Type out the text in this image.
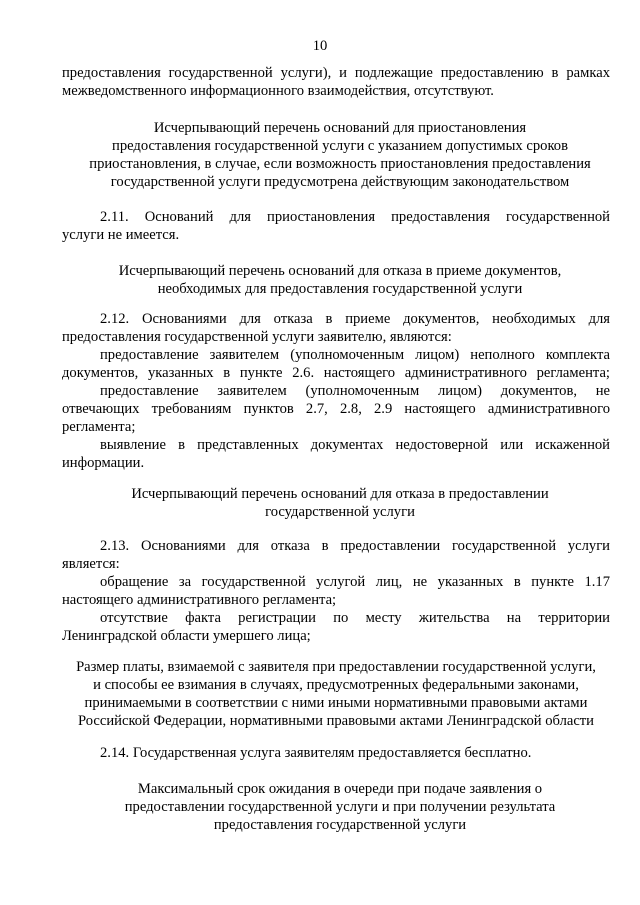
10

предоставления государственной услуги), и подлежащие предоставлению в рамках

межведомственного информационного взаимодействия, отсутствуют.

Исчерпывающий перечень оснований для приостановления

предоставления государственной услуги с указанием допустимых сроков

приостановления, в случае, если возможность приостановления предоставления

государственной услуги предусмотрена действующим законодательством

2.11. Оснований для приостановления предоставления государственной

услуги не имеется.

Исчерпывающий перечень оснований для отказа в приеме документов,

необходимых для предоставления государственной услуги

2.12. Основаниями для отказа в приеме документов, необходимых для

предоставления государственной услуги заявителю, являются:

предоставление заявителем (уполномоченным лицом) неполного комплекта

документов, указанных в пункте 2.6. настоящего административного регламента;

предоставление заявителем (уполномоченным лицом) документов, не

отвечающих требованиям пунктов 2.7, 2.8, 2.9 настоящего административного

регламента;

выявление в представленных документах недостоверной или искаженной

информации.

Исчерпывающий перечень оснований для отказа в предоставлении

государственной услуги

2.13. Основаниями для отказа в предоставлении государственной услуги

является:

обращение за государственной услугой лиц, не указанных в пункте 1.17

настоящего административного регламента;

отсутствие факта регистрации по месту жительства на территории

Ленинградской области умершего лица;

Размер платы, взимаемой с заявителя при предоставлении государственной услуги,

и способы ее взимания в случаях, предусмотренных федеральными законами,

принимаемыми в соответствии с ними иными нормативными правовыми актами

Российской Федерации, нормативными правовыми актами Ленинградской области

2.14. Государственная услуга заявителям предоставляется бесплатно.

Максимальный срок ожидания в очереди при подаче заявления о

предоставлении государственной услуги и при получении результата

предоставления государственной услуги
